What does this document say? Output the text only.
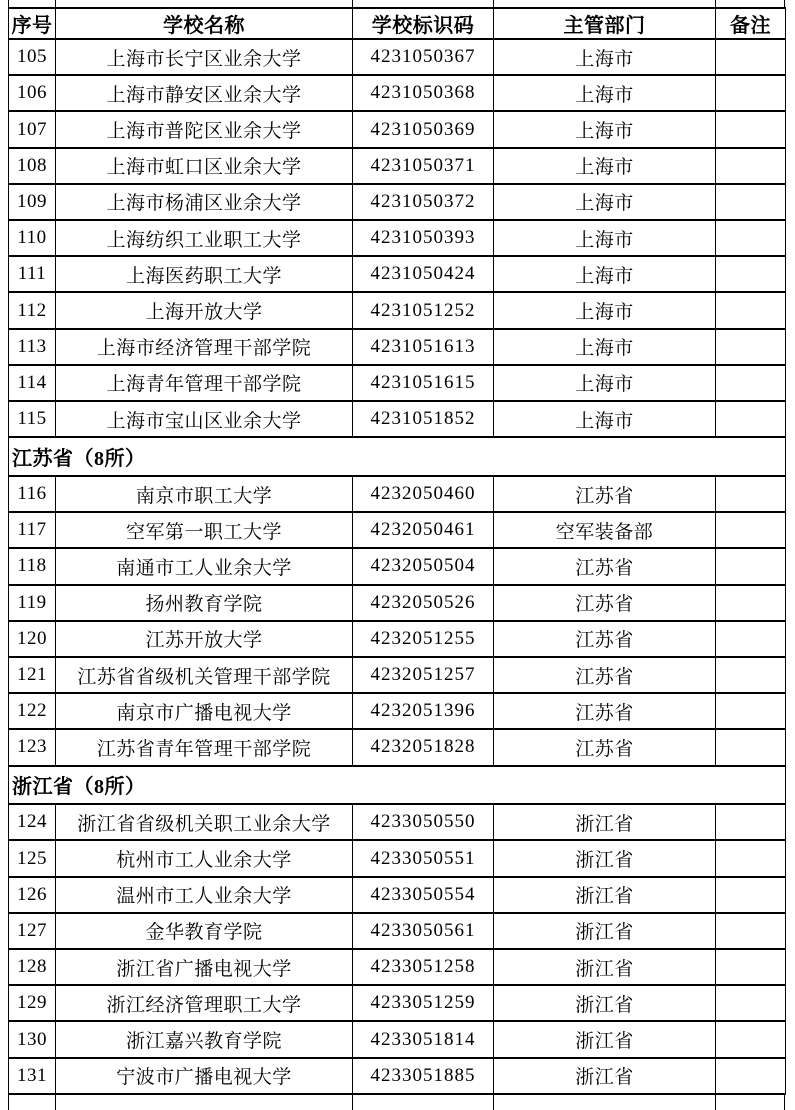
序号	学校名称	学校标识码	主管部门	备注
105	上海市长宁区业余大学	4231050367	上海市	
106	上海市静安区业余大学	4231050368	上海市	
107	上海市普陀区业余大学	4231050369	上海市	
108	上海市虹口区业余大学	4231050371	上海市	
109	上海市杨浦区业余大学	4231050372	上海市	
110	上海纺织工业职工大学	4231050393	上海市	
111	上海医药职工大学	4231050424	上海市	
112	上海开放大学	4231051252	上海市	
113	上海市经济管理干部学院	4231051613	上海市	
114	上海青年管理干部学院	4231051615	上海市	
115	上海市宝山区业余大学	4231051852	上海市	
江苏省（8所）				
116	南京市职工大学	4232050460	江苏省	
117	空军第一职工大学	4232050461	空军装备部	
118	南通市工人业余大学	4232050504	江苏省	
119	扬州教育学院	4232050526	江苏省	
120	江苏开放大学	4232051255	江苏省	
121	江苏省省级机关管理干部学院	4232051257	江苏省	
122	南京市广播电视大学	4232051396	江苏省	
123	江苏省青年管理干部学院	4232051828	江苏省	
浙江省（8所）				
124	浙江省省级机关职工业余大学	4233050550	浙江省	
125	杭州市工人业余大学	4233050551	浙江省	
126	温州市工人业余大学	4233050554	浙江省	
127	金华教育学院	4233050561	浙江省	
128	浙江省广播电视大学	4233051258	浙江省	
129	浙江经济管理职工大学	4233051259	浙江省	
130	浙江嘉兴教育学院	4233051814	浙江省	
131	宁波市广播电视大学	4233051885	浙江省	
